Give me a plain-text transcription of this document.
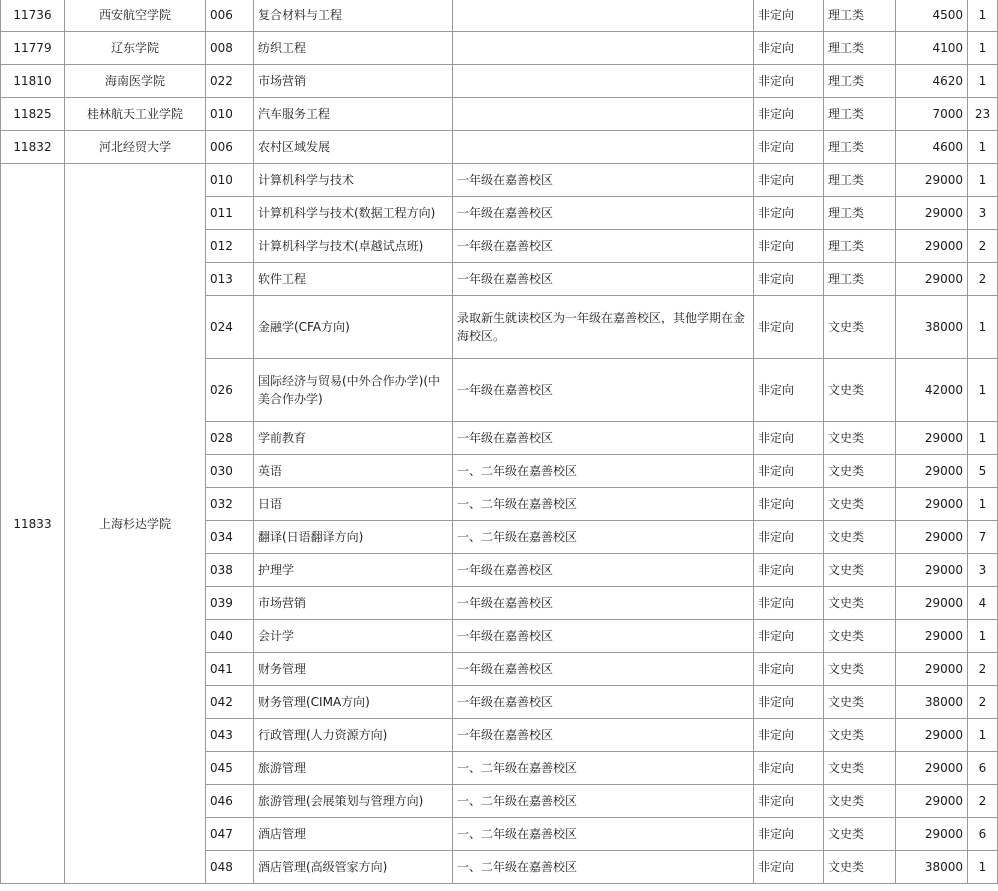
11736	西安航空学院	006	复合材料与工程		非定向	理工类	4500	1
11779	辽东学院	008	纺织工程		非定向	理工类	4100	1
11810	海南医学院	022	市场营销		非定向	理工类	4620	1
11825	桂林航天工业学院	010	汽车服务工程		非定向	理工类	7000	23
11832	河北经贸大学	006	农村区域发展		非定向	理工类	4600	1
11833	上海杉达学院	010	计算机科学与技术	一年级在嘉善校区	非定向	理工类	29000	1
		011	计算机科学与技术(数据工程方向)	一年级在嘉善校区	非定向	理工类	29000	3
		012	计算机科学与技术(卓越试点班)	一年级在嘉善校区	非定向	理工类	29000	2
		013	软件工程	一年级在嘉善校区	非定向	理工类	29000	2
		024	金融学(CFA方向)	录取新生就读校区为一年级在嘉善校区，其他学期在金海校区。	非定向	文史类	38000	1
		026	国际经济与贸易(中外合作办学)(中美合作办学)	一年级在嘉善校区	非定向	文史类	42000	1
		028	学前教育	一年级在嘉善校区	非定向	文史类	29000	1
		030	英语	一、二年级在嘉善校区	非定向	文史类	29000	5
		032	日语	一、二年级在嘉善校区	非定向	文史类	29000	1
		034	翻译(日语翻译方向)	一、二年级在嘉善校区	非定向	文史类	29000	7
		038	护理学	一年级在嘉善校区	非定向	文史类	29000	3
		039	市场营销	一年级在嘉善校区	非定向	文史类	29000	4
		040	会计学	一年级在嘉善校区	非定向	文史类	29000	1
		041	财务管理	一年级在嘉善校区	非定向	文史类	29000	2
		042	财务管理(CIMA方向)	一年级在嘉善校区	非定向	文史类	38000	2
		043	行政管理(人力资源方向)	一年级在嘉善校区	非定向	文史类	29000	1
		045	旅游管理	一、二年级在嘉善校区	非定向	文史类	29000	6
		046	旅游管理(会展策划与管理方向)	一、二年级在嘉善校区	非定向	文史类	29000	2
		047	酒店管理	一、二年级在嘉善校区	非定向	文史类	29000	6
		048	酒店管理(高级管家方向)	一、二年级在嘉善校区	非定向	文史类	38000	1
